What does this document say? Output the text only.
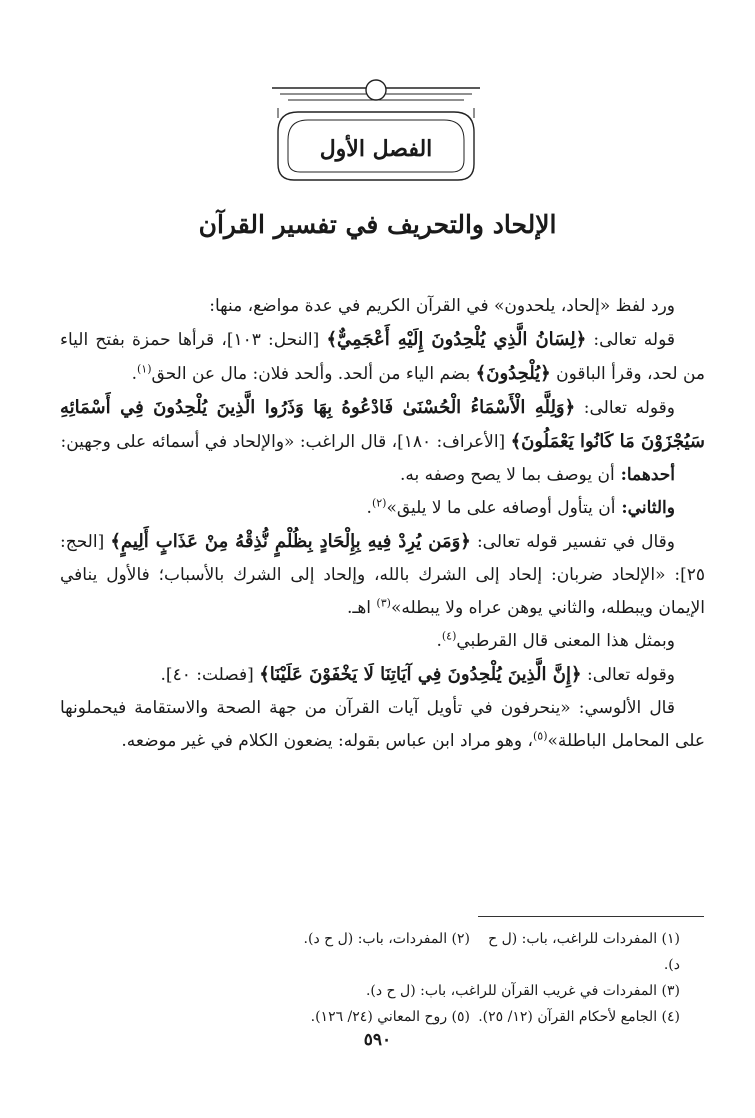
الفصل الأول
الإلحاد والتحريف في تفسير القرآن

ورد لفظ «إلحاد، يلحدون» في القرآن الكريم في عدة مواضع، منها:

قوله تعالى: ﴿لِسَانُ الَّذِي يُلْحِدُونَ إِلَيْهِ أَعْجَمِيٌّ﴾ [النحل: ١٠٣]، قرأها حمزة بفتح الياء من لحد، وقرأ الباقون ﴿يُلْحِدُونَ﴾ بضم الياء من ألحد. وألحد فلان: مال عن الحق$^{(١)}$.

وقوله تعالى: ﴿وَلِلَّهِ الْأَسْمَاءُ الْحُسْنَىٰ فَادْعُوهُ بِهَا وَذَرُوا الَّذِينَ يُلْحِدُونَ فِي أَسْمَائِهِ سَيُجْزَوْنَ مَا كَانُوا يَعْمَلُونَ﴾ [الأعراف: ١٨٠]، قال الراغب: «والإلحاد في أسمائه على وجهين:

أحدهما: أن يوصف بما لا يصح وصفه به.

والثاني: أن يتأول أوصافه على ما لا يليق»$^{(٢)}$.

وقال في تفسير قوله تعالى: ﴿وَمَن يُرِدْ فِيهِ بِإِلْحَادٍ بِظُلْمٍ نُّذِقْهُ مِنْ عَذَابٍ أَلِيمٍ﴾ [الحج: ٢٥]: «الإلحاد ضربان: إلحاد إلى الشرك بالله، وإلحاد إلى الشرك بالأسباب؛ فالأول ينافي الإيمان ويبطله، والثاني يوهن عراه ولا يبطله»$^{(٣)}$ اهـ.

وبمثل هذا المعنى قال القرطبي$^{(٤)}$.

وقوله تعالى: ﴿إِنَّ الَّذِينَ يُلْحِدُونَ فِي آيَاتِنَا لَا يَخْفَوْنَ عَلَيْنَا﴾ [فصلت: ٤٠].

قال الألوسي: «ينحرفون في تأويل آيات القرآن من جهة الصحة والاستقامة فيحملونها على المحامل الباطلة»$^{(٥)}$، وهو مراد ابن عباس بقوله: يضعون الكلام في غير موضعه.

(١) المفردات للراغب، باب: (ل ح د).
(٢) المفردات، باب: (ل ح د).
(٣) المفردات في غريب القرآن للراغب، باب: (ل ح د).
(٤) الجامع لأحكام القرآن (١٢/ ٢٥).
(٥) روح المعاني (٢٤/ ١٢٦).
٥٩٠
